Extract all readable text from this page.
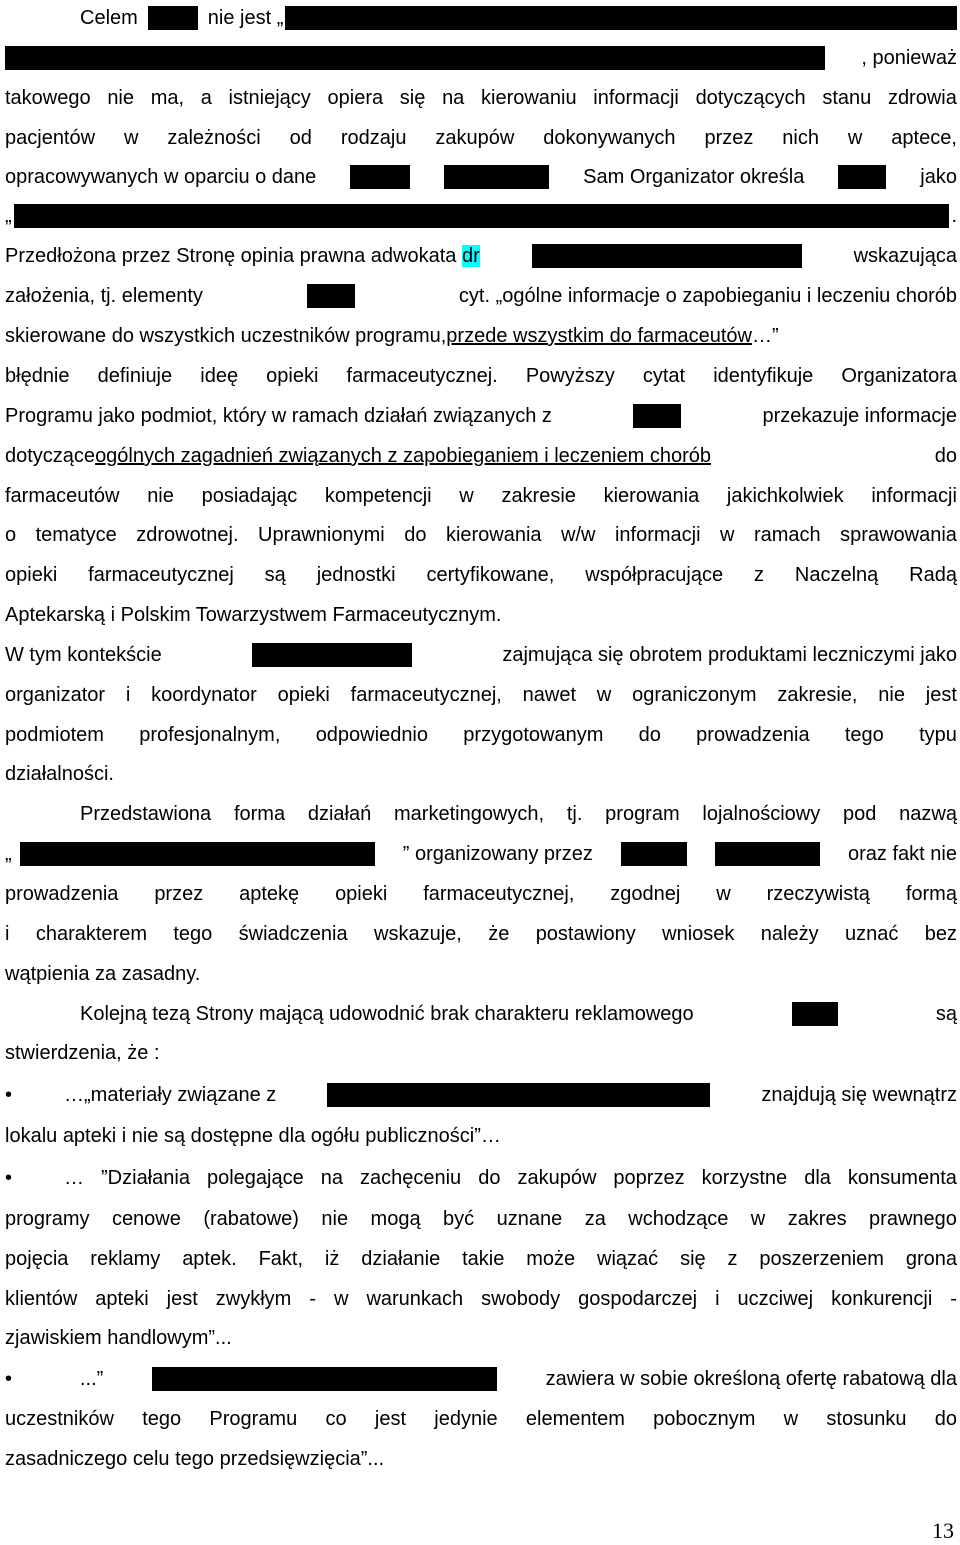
Celem	nie jest „
, ponieważ
takowego nie ma, a istniejący opiera się na kierowaniu informacji dotyczących stanu zdrowia
pacjentów w zależności od rodzaju zakupów dokonywanych przez nich w aptece,
opracowywanych w oparciu o dane	Sam Organizator określa	jako
„	.
Przedłożona przez Stronę opinia prawna adwokata dr	wskazująca
założenia, tj. elementy	cyt. „ogólne informacje o zapobieganiu i leczeniu chorób
skierowane do wszystkich uczestników programu, przede wszystkim do farmaceutów …”
błędnie definiuje ideę opieki farmaceutycznej. Powyższy cytat identyfikuje Organizatora
Programu jako podmiot, który w ramach działań związanych z	przekazuje informacje
dotyczące ogólnych zagadnień związanych z zapobieganiem i leczeniem chorób	do
farmaceutów nie posiadając kompetencji w zakresie kierowania jakichkolwiek informacji
o tematyce zdrowotnej. Uprawnionymi do kierowania w/w informacji w ramach sprawowania
opieki farmaceutycznej są jednostki certyfikowane, współpracujące z Naczelną Radą
Aptekarską i Polskim Towarzystwem Farmaceutycznym.
W tym kontekście	zajmująca się obrotem produktami leczniczymi jako
organizator i koordynator opieki farmaceutycznej, nawet w ograniczonym zakresie, nie jest
podmiotem profesjonalnym, odpowiednio przygotowanym do prowadzenia tego typu
działalności.
Przedstawiona forma działań marketingowych, tj. program lojalnościowy pod nazwą
„	” organizowany przez	oraz fakt nie
prowadzenia przez aptekę opieki farmaceutycznej, zgodnej w rzeczywistą formą
i charakterem tego świadczenia wskazuje, że postawiony wniosek należy uznać bez
wątpienia za zasadny.
Kolejną tezą Strony mającą udowodnić brak charakteru reklamowego	są
stwierdzenia, że :
•	…„materiały związane z	znajdują się wewnątrz
lokalu apteki i nie są dostępne dla ogółu publiczności”…
•	… ”Działania polegające na zachęceniu do zakupów poprzez korzystne dla konsumenta
programy cenowe (rabatowe) nie mogą być uznane za wchodzące w zakres prawnego
pojęcia reklamy aptek. Fakt, iż działanie takie może wiązać się z poszerzeniem grona
klientów apteki jest zwykłym - w warunkach swobody gospodarczej i uczciwej konkurencji -
zjawiskiem handlowym”...
•	...”	zawiera w sobie określoną ofertę rabatową dla
uczestników tego Programu co jest jedynie elementem pobocznym w stosunku do
zasadniczego celu tego przedsięwzięcia”...
13
